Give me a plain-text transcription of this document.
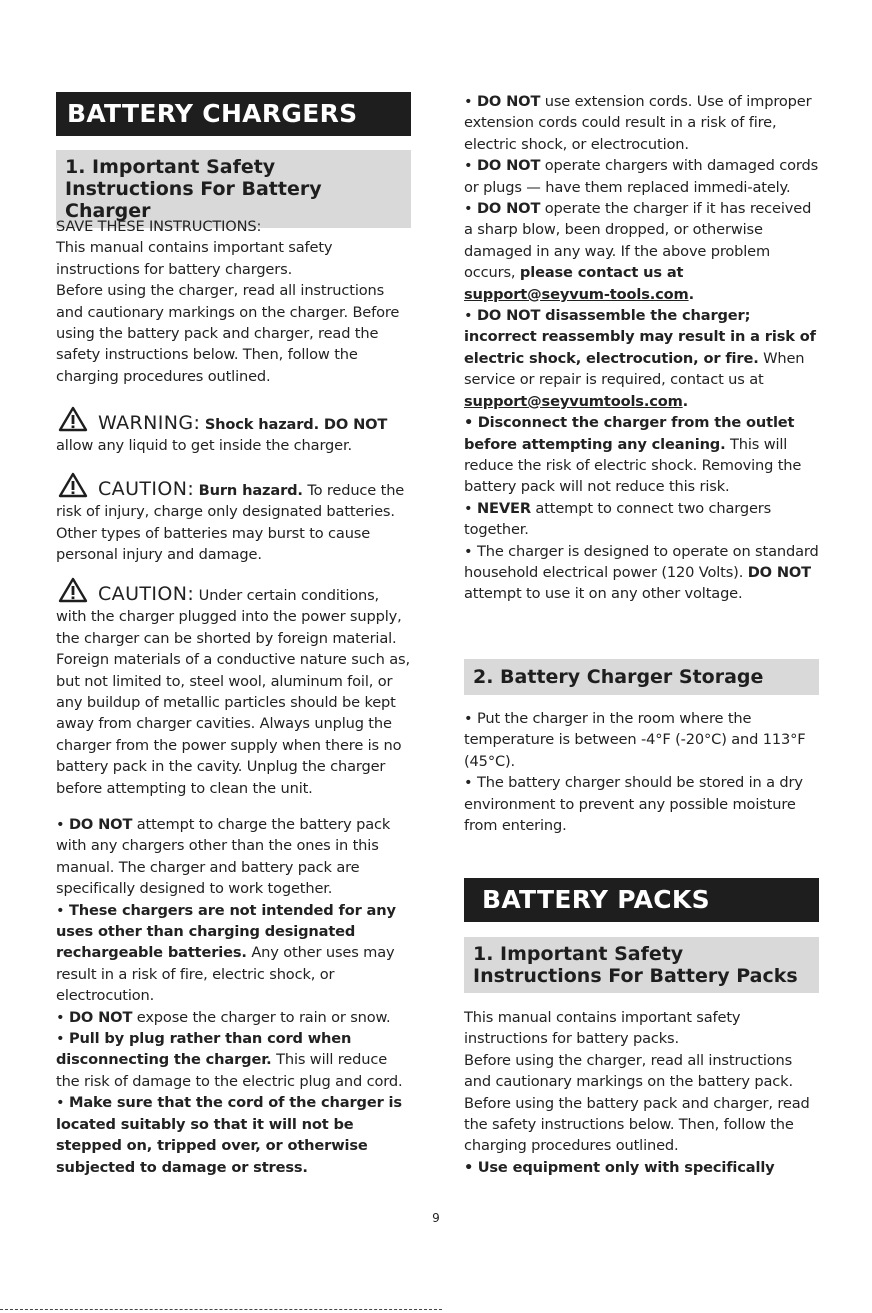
BATTERY CHARGERS
1. Important Safety Instructions For Battery Charger
SAVE THESE INSTRUCTIONS:
This manual contains important safety instructions for battery chargers.
Before using the charger, read all instructions and cautionary markings on the charger. Before using the battery pack and charger, read the safety instructions below. Then, follow the charging procedures outlined.
WARNING: Shock hazard. DO NOT allow any liquid to get inside the charger.
CAUTION: Burn hazard. To reduce the risk of injury, charge only designated batteries. Other types of batteries may burst to cause personal injury and damage.
CAUTION: Under certain conditions, with the charger plugged into the power supply, the charger can be shorted by foreign material. Foreign materials of a conductive nature such as, but not limited to, steel wool, aluminum foil, or any buildup of metallic particles should be kept away from charger cavities. Always unplug the charger from the power supply when there is no battery pack in the cavity. Unplug the charger before attempting to clean the unit.
• DO NOT attempt to charge the battery pack with any chargers other than the ones in this manual. The charger and battery pack are specifically designed to work together.
• These chargers are not intended for any uses other than charging designated rechargeable batteries. Any other uses may result in a risk of fire, electric shock, or electrocution.
• DO NOT expose the charger to rain or snow.
• Pull by plug rather than cord when disconnecting the charger. This will reduce the risk of damage to the electric plug and cord.
• Make sure that the cord of the charger is located suitably so that it will not be stepped on, tripped over, or otherwise subjected to damage or stress.
• DO NOT use extension cords. Use of improper extension cords could result in a risk of fire, electric shock, or electrocution.
• DO NOT operate chargers with damaged cords or plugs — have them replaced immedi-ately.
• DO NOT operate the charger if it has received a sharp blow, been dropped, or otherwise damaged in any way. If the above problem occurs, please contact us at support@seyvum-tools.com.
• DO NOT disassemble the charger; incorrect reassembly may result in a risk of electric shock, electrocution, or fire. When service or repair is required, contact us at support@seyvumtools.com.
• Disconnect the charger from the outlet before attempting any cleaning. This will reduce the risk of electric shock. Removing the battery pack will not reduce this risk.
• NEVER attempt to connect two chargers together.
• The charger is designed to operate on standard household electrical power (120 Volts). DO NOT attempt to use it on any other voltage.
2. Battery Charger Storage
• Put the charger in the room where the temperature is between -4°F (-20°C) and 113°F (45°C).
• The battery charger should be stored in a dry environment to prevent any possible moisture from entering.
BATTERY PACKS
1. Important Safety Instructions For Battery Packs
This manual contains important safety instructions for battery packs.
Before using the charger, read all instructions and cautionary markings on the battery pack. Before using the battery pack and charger, read the safety instructions below. Then, follow the charging procedures outlined.
• Use equipment only with specifically
9
